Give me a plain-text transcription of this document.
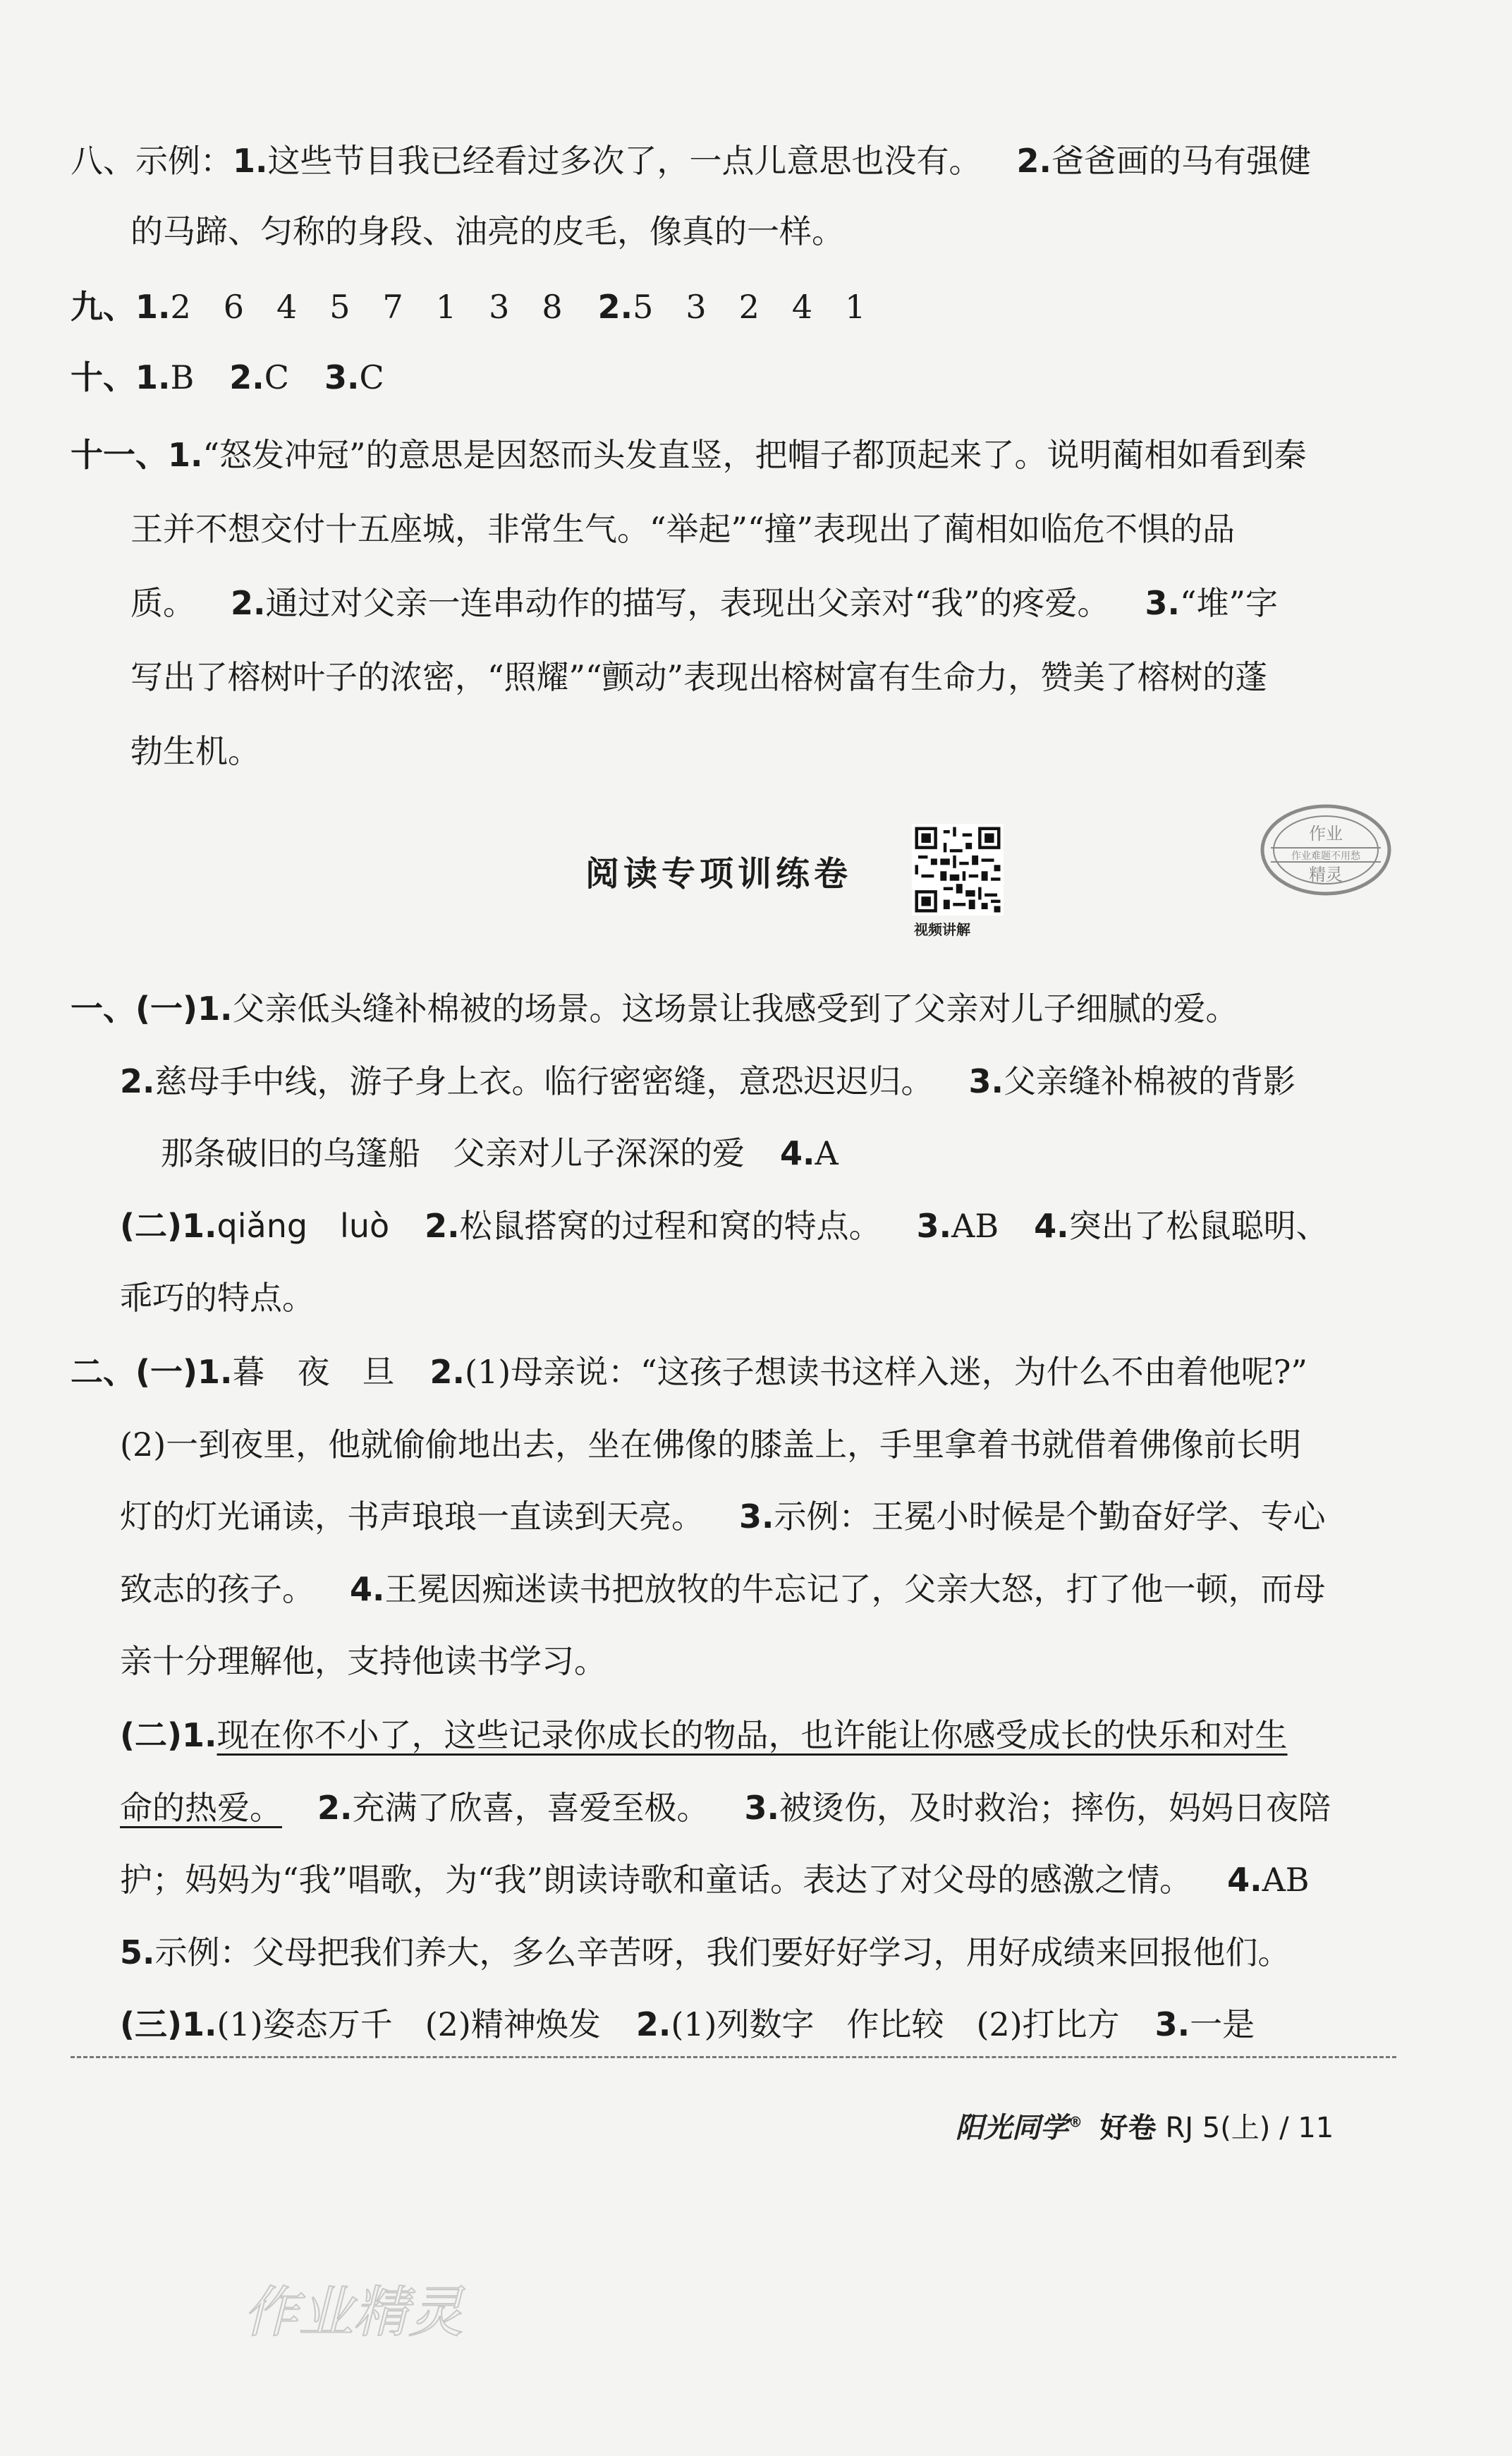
八、示例：1.这些节目我已经看过多次了，一点儿意思也没有。 2.爸爸画的马有强健
的马蹄、匀称的身段、油亮的皮毛，像真的一样。
九、1.2　6　4　5　7　1　3　8 2.5　3　2　4　1
十、1.B 2.C 3.C
十一、1.“怒发冲冠”的意思是因怒而头发直竖，把帽子都顶起来了。说明蔺相如看到秦
王并不想交付十五座城，非常生气。“举起”“撞”表现出了蔺相如临危不惧的品
质。 2.通过对父亲一连串动作的描写，表现出父亲对“我”的疼爱。 3.“堆”字
写出了榕树叶子的浓密，“照耀”“颤动”表现出榕树富有生命力，赞美了榕树的蓬
勃生机。
阅读专项训练卷
视频讲解
作业
作业难题不用愁
精灵
一、(一)1.父亲低头缝补棉被的场景。这场景让我感受到了父亲对儿子细腻的爱。
2.慈母手中线，游子身上衣。临行密密缝，意恐迟迟归。 3.父亲缝补棉被的背影
那条破旧的乌篷船　父亲对儿子深深的爱 4.A
(二)1.qiǎng　luò 2.松鼠搭窝的过程和窝的特点。 3.AB 4.突出了松鼠聪明、
乖巧的特点。
二、(一)1.暮　夜　旦 2.(1)母亲说：“这孩子想读书这样入迷，为什么不由着他呢?”
(2)一到夜里，他就偷偷地出去，坐在佛像的膝盖上，手里拿着书就借着佛像前长明
灯的灯光诵读，书声琅琅一直读到天亮。 3.示例：王冕小时候是个勤奋好学、专心
致志的孩子。 4.王冕因痴迷读书把放牧的牛忘记了，父亲大怒，打了他一顿，而母
亲十分理解他，支持他读书学习。
(二)1.现在你不小了，这些记录你成长的物品，也许能让你感受成长的快乐和对生
命的热爱。 2.充满了欣喜，喜爱至极。 3.被烫伤，及时救治；摔伤，妈妈日夜陪
护；妈妈为“我”唱歌，为“我”朗读诗歌和童话。表达了对父母的感激之情。 4.AB
5.示例：父母把我们养大，多么辛苦呀，我们要好好学习，用好成绩来回报他们。
(三)1.(1)姿态万千　(2)精神焕发 2.(1)列数字　作比较　(2)打比方 3.一是
阳光同学® 好卷 RJ 5(上) / 11
作业精灵
